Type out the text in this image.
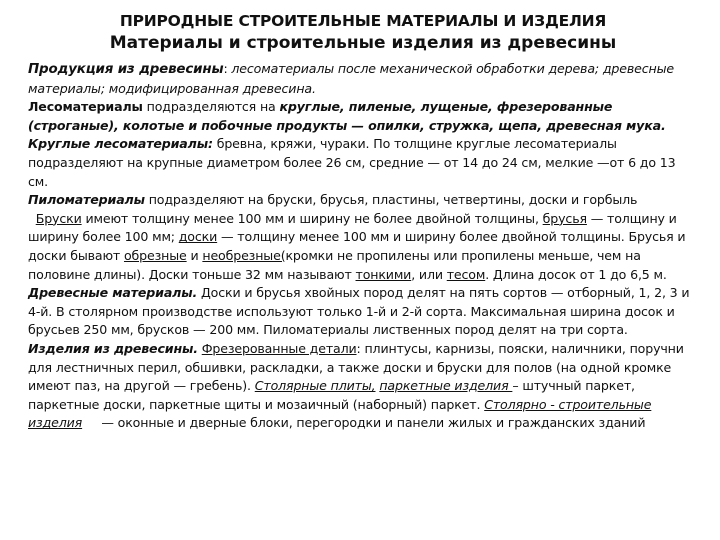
ПРИРОДНЫЕ СТРОИТЕЛЬНЫЕ МАТЕРИАЛЫ И ИЗДЕЛИЯ
Материалы и строительные изделия из древесины

Продукция из древесины: лесоматериалы после механической обработки дерева; древесные материалы; модифицированная древесина.

Лесоматериалы подразделяются на круглые, пиленые, лущеные, фрезерованные (строганые), колотые и побочные продукты — опилки, стружка, щепа, древесная мука.

Круглые лесоматериалы: бревна, кряжи, чураки. По толщине круглые лесоматериалы подразделяют на крупные диаметром более 26 см, средние — от 14 до 24 см, мелкие —от 6 до 13 см.

Пиломатериалы подразделяют на бруски, брусья, пластины, четвертины, доски и горбыль

Бруски имеют толщину менее 100 мм и ширину не более двойной толщины, брусья — толщину и ширину более 100 мм; доски — толщину менее 100 мм и ширину более двойной толщины. Брусья и доски бывают обрезные и необрезные(кромки не пропилены или пропилены меньше, чем на половине длины). Доски тоньше 32 мм называют тонкими, или тесом. Длина досок от 1 до 6,5 м.

Древесные материалы. Доски и брусья хвойных пород делят на пять сортов — отборный, 1, 2, 3 и 4-й. В столярном производстве используют только 1-й и 2-й сорта. Максимальная ширина досок и брусьев 250 мм, брусков — 200 мм. Пиломатериалы лиственных пород делят на три сорта.

Изделия из древесины. Фрезерованные детали: плинтусы, карнизы, пояски, наличники, поручни для лестничных перил, обшивки, раскладки, а также доски и бруски для полов (на одной кромке имеют паз, на другой — гребень). Столярные плиты, паркетные изделия – штучный паркет, паркетные доски, паркетные щиты и мозаичный (наборный) паркет. Столярно - строительные изделия     — оконные и дверные блоки, перегородки и панели жилых и гражданских зданий
